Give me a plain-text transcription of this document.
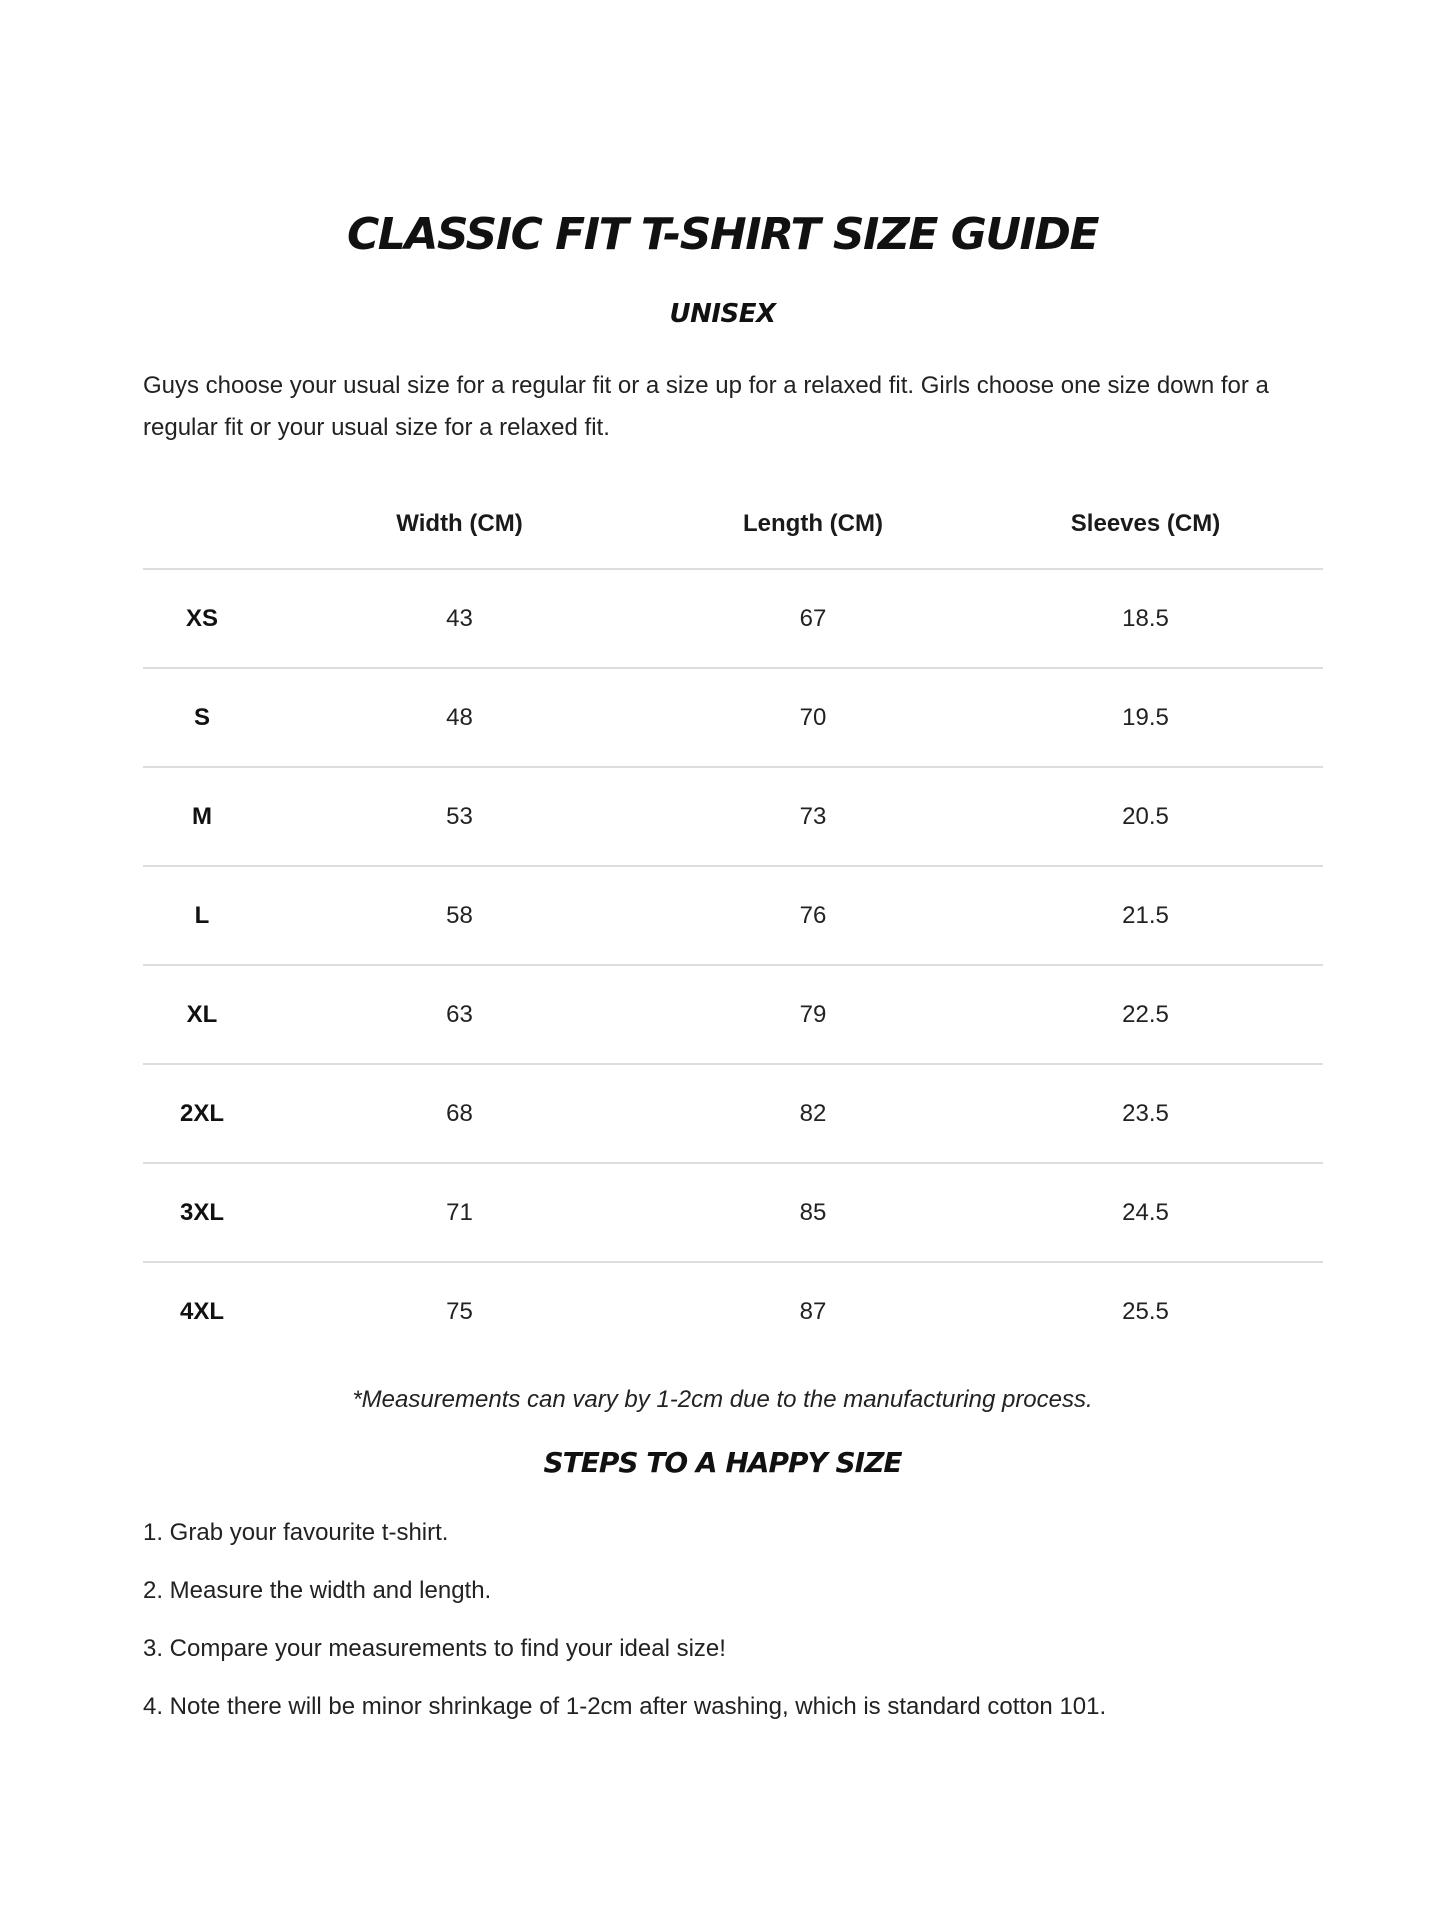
CLASSIC FIT T-SHIRT SIZE GUIDE
UNISEX

Guys choose your usual size for a regular fit or a size up for a relaxed fit. Girls choose one size down for a regular fit or your usual size for a relaxed fit.

	Width (CM)	Length (CM)	Sleeves (CM)
XS	43	67	18.5
S	48	70	19.5
M	53	73	20.5
L	58	76	21.5
XL	63	79	22.5
2XL	68	82	23.5
3XL	71	85	24.5
4XL	75	87	25.5

*Measurements can vary by 1-2cm due to the manufacturing process.

STEPS TO A HAPPY SIZE
1. Grab your favourite t-shirt.
2. Measure the width and length.
3. Compare your measurements to find your ideal size!
4. Note there will be minor shrinkage of 1-2cm after washing, which is standard cotton 101.
